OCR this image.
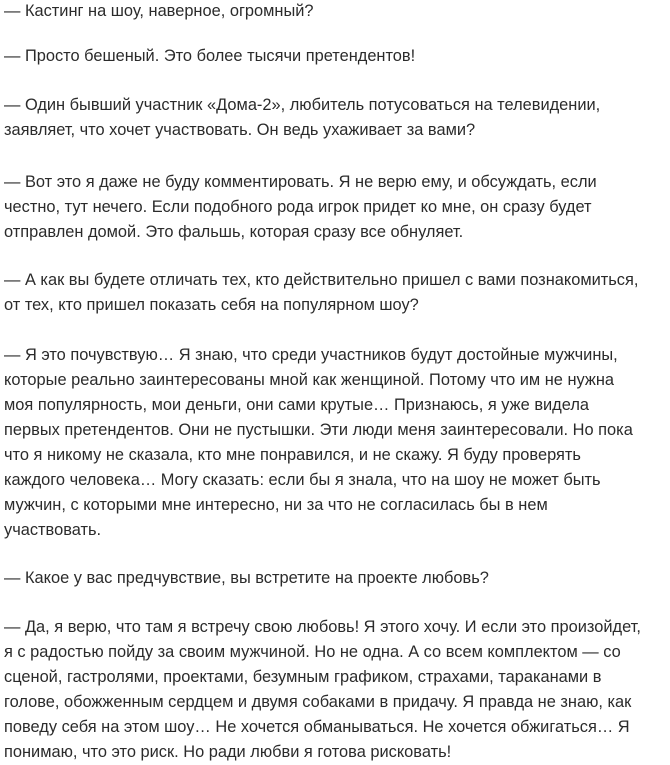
— Кастинг на шоу, наверное, огромный?

— Просто бешеный. Это более тысячи претендентов!

— Один бывший участник «Дома-2», любитель потусоваться на телевидении,
заявляет, что хочет участвовать. Он ведь ухаживает за вами?

— Вот это я даже не буду комментировать. Я не верю ему, и обсуждать, если
честно, тут нечего. Если подобного рода игрок придет ко мне, он сразу будет
отправлен домой. Это фальшь, которая сразу все обнуляет.

— А как вы будете отличать тех, кто действительно пришел с вами познакомиться,
от тех, кто пришел показать себя на популярном шоу?

— Я это почувствую… Я знаю, что среди участников будут достойные мужчины,
которые реально заинтересованы мной как женщиной. Потому что им не нужна
моя популярность, мои деньги, они сами крутые… Признаюсь, я уже видела
первых претендентов. Они не пустышки. Эти люди меня заинтересовали. Но пока
что я никому не сказала, кто мне понравился, и не скажу. Я буду проверять
каждого человека… Могу сказать: если бы я знала, что на шоу не может быть
мужчин, с которыми мне интересно, ни за что не согласилась бы в нем
участвовать.

— Какое у вас предчувствие, вы встретите на проекте любовь?

— Да, я верю, что там я встречу свою любовь! Я этого хочу. И если это произойдет,
я с радостью пойду за своим мужчиной. Но не одна. А со всем комплектом — со
сценой, гастролями, проектами, безумным графиком, страхами, тараканами в
голове, обожженным сердцем и двумя собаками в придачу. Я правда не знаю, как
поведу себя на этом шоу… Не хочется обманываться. Не хочется обжигаться… Я
понимаю, что это риск. Но ради любви я готова рисковать!
